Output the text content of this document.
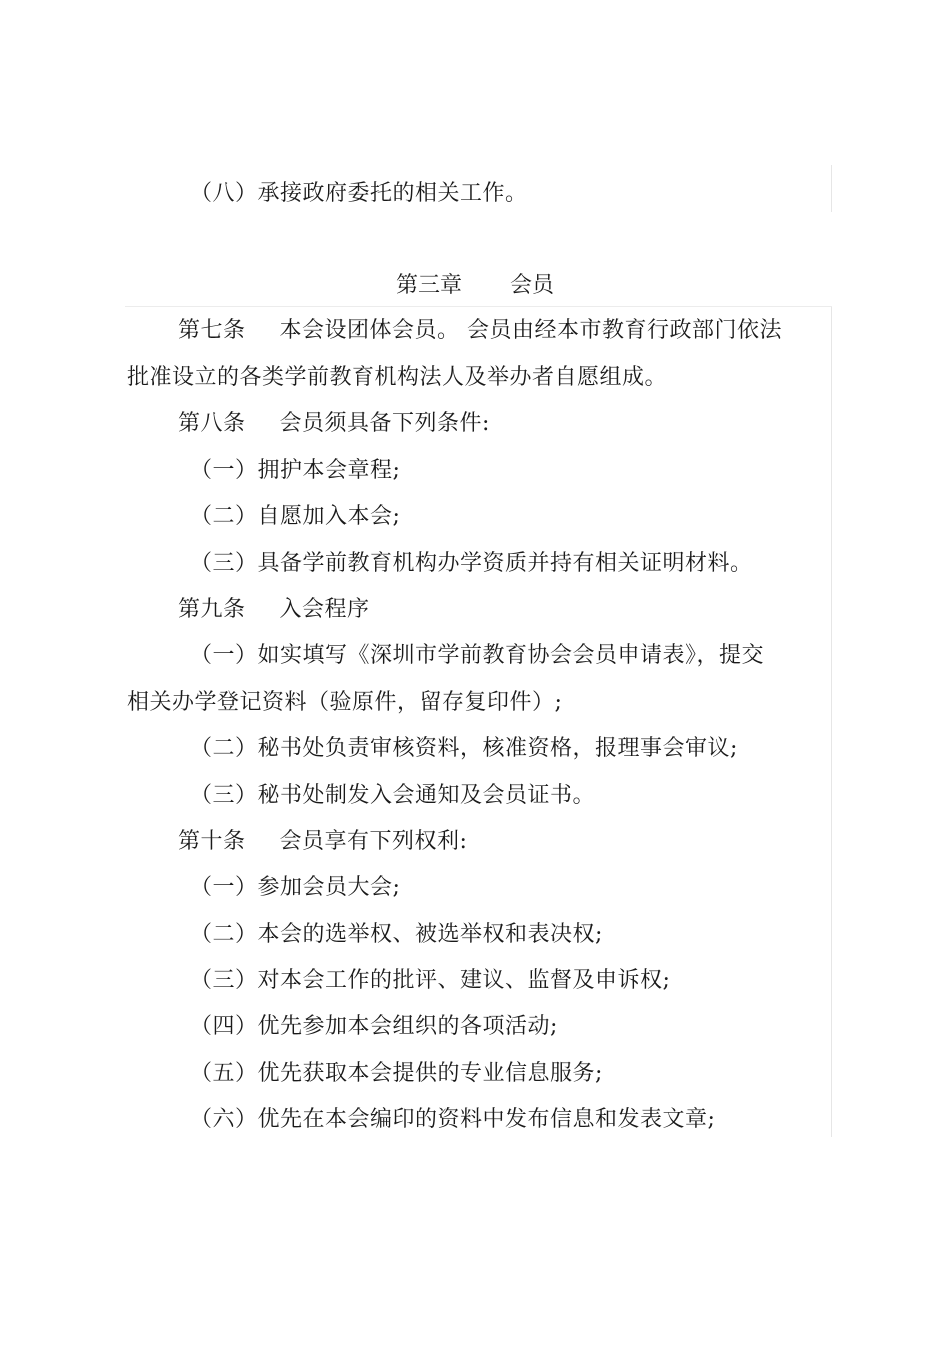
（八）承接政府委托的相关工作。
第三章 会员
第七条 本会设团体会员。 会员由经本市教育行政部门依法
批准设立的各类学前教育机构法人及举办者自愿组成。
第八条 会员须具备下列条件:
（一）拥护本会章程;
（二）自愿加入本会;
（三）具备学前教育机构办学资质并持有相关证明材料。
第九条 入会程序
（一）如实填写《深圳市学前教育协会会员申请表》，提交
相关办学登记资料（验原件，留存复印件）;
（二）秘书处负责审核资料，核准资格，报理事会审议;
（三）秘书处制发入会通知及会员证书。
第十条 会员享有下列权利:
（一）参加会员大会;
（二）本会的选举权、被选举权和表决权;
（三）对本会工作的批评、建议、监督及申诉权;
（四）优先参加本会组织的各项活动;
（五）优先获取本会提供的专业信息服务;
（六）优先在本会编印的资料中发布信息和发表文章;
